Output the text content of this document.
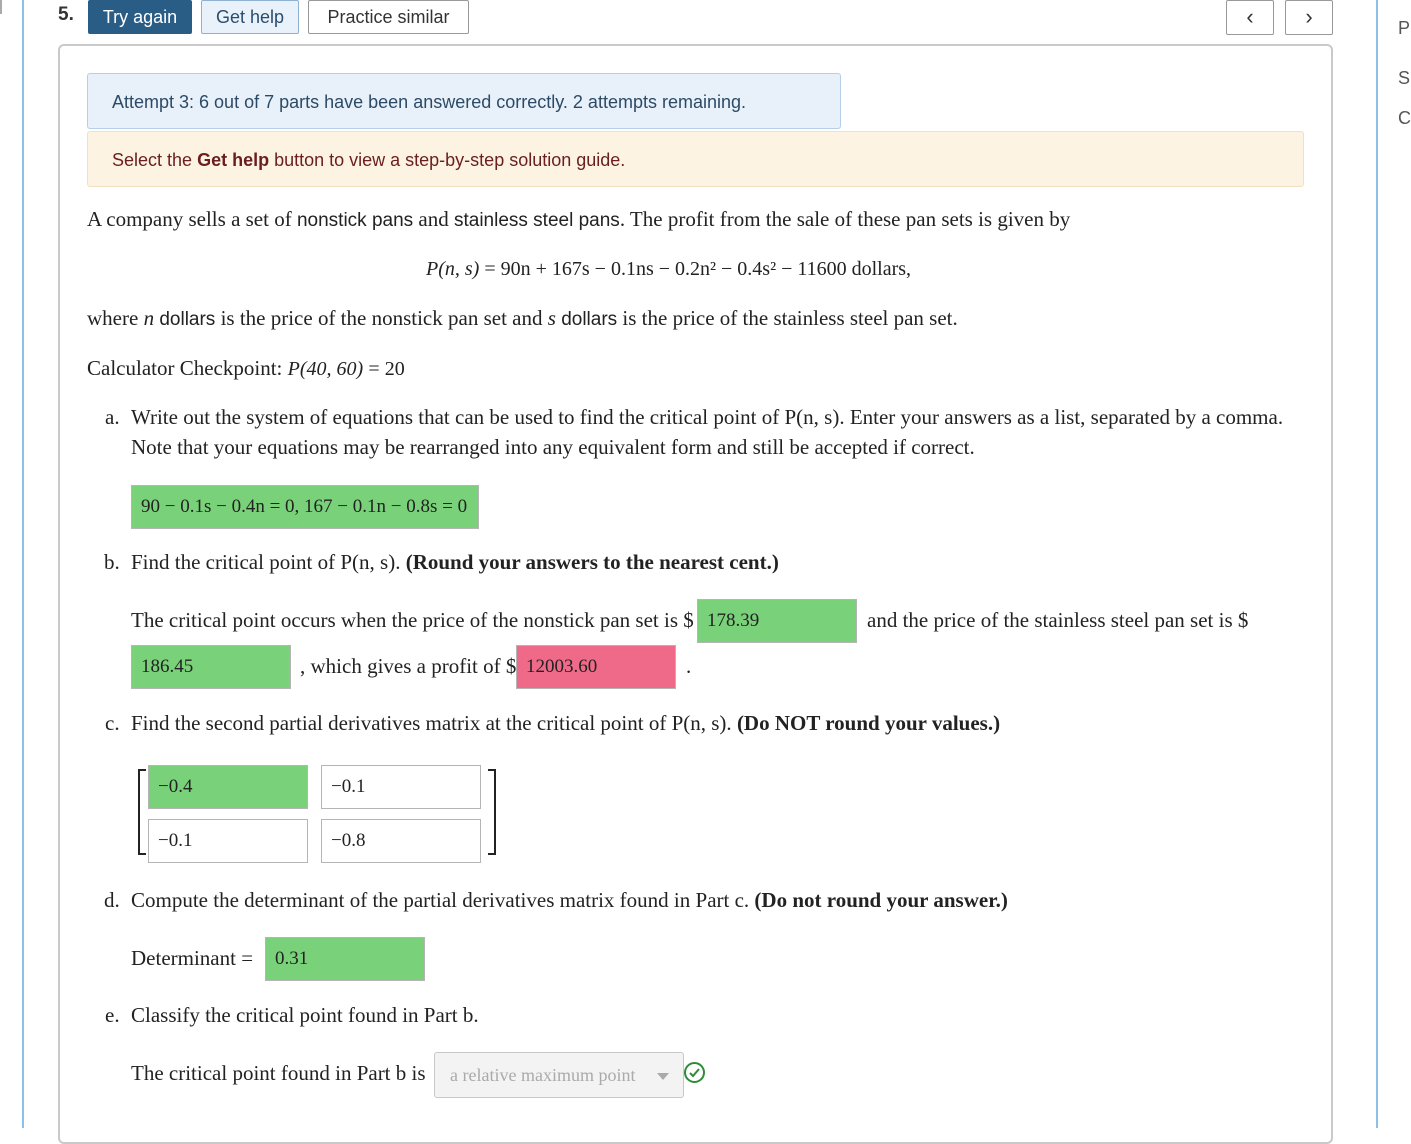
P
S
C
5.	Try again	Get help	Practice similar	‹	›
Attempt 3: 6 out of 7 parts have been answered correctly. 2 attempts remaining.
Select the Get help button to view a step-by-step solution guide.
A company sells a set of nonstick pans and stainless steel pans. The profit from the sale of these pan sets is given by
P(n, s) = 90n + 167s − 0.1ns − 0.2n² − 0.4s² − 11600 dollars,
where n dollars is the price of the nonstick pan set and s dollars is the price of the stainless steel pan set.
Calculator Checkpoint: P(40, 60) = 20
a. Write out the system of equations that can be used to find the critical point of P(n, s). Enter your answers as a list, separated by a comma.
Note that your equations may be rearranged into any equivalent form and still be accepted if correct.
90 − 0.1s − 0.4n = 0, 167 − 0.1n − 0.8s = 0
b. Find the critical point of P(n, s). (Round your answers to the nearest cent.)
The critical point occurs when the price of the nonstick pan set is $ 178.39	and the price of the stainless steel pan set is $
186.45	, which gives a profit of $ 12003.60	.
c. Find the second partial derivatives matrix at the critical point of P(n, s). (Do NOT round your values.)
−0.4	−0.1
−0.1	−0.8
d. Compute the determinant of the partial derivatives matrix found in Part c. (Do not round your answer.)
Determinant =	0.31
e. Classify the critical point found in Part b.
The critical point found in Part b is	a relative maximum point
